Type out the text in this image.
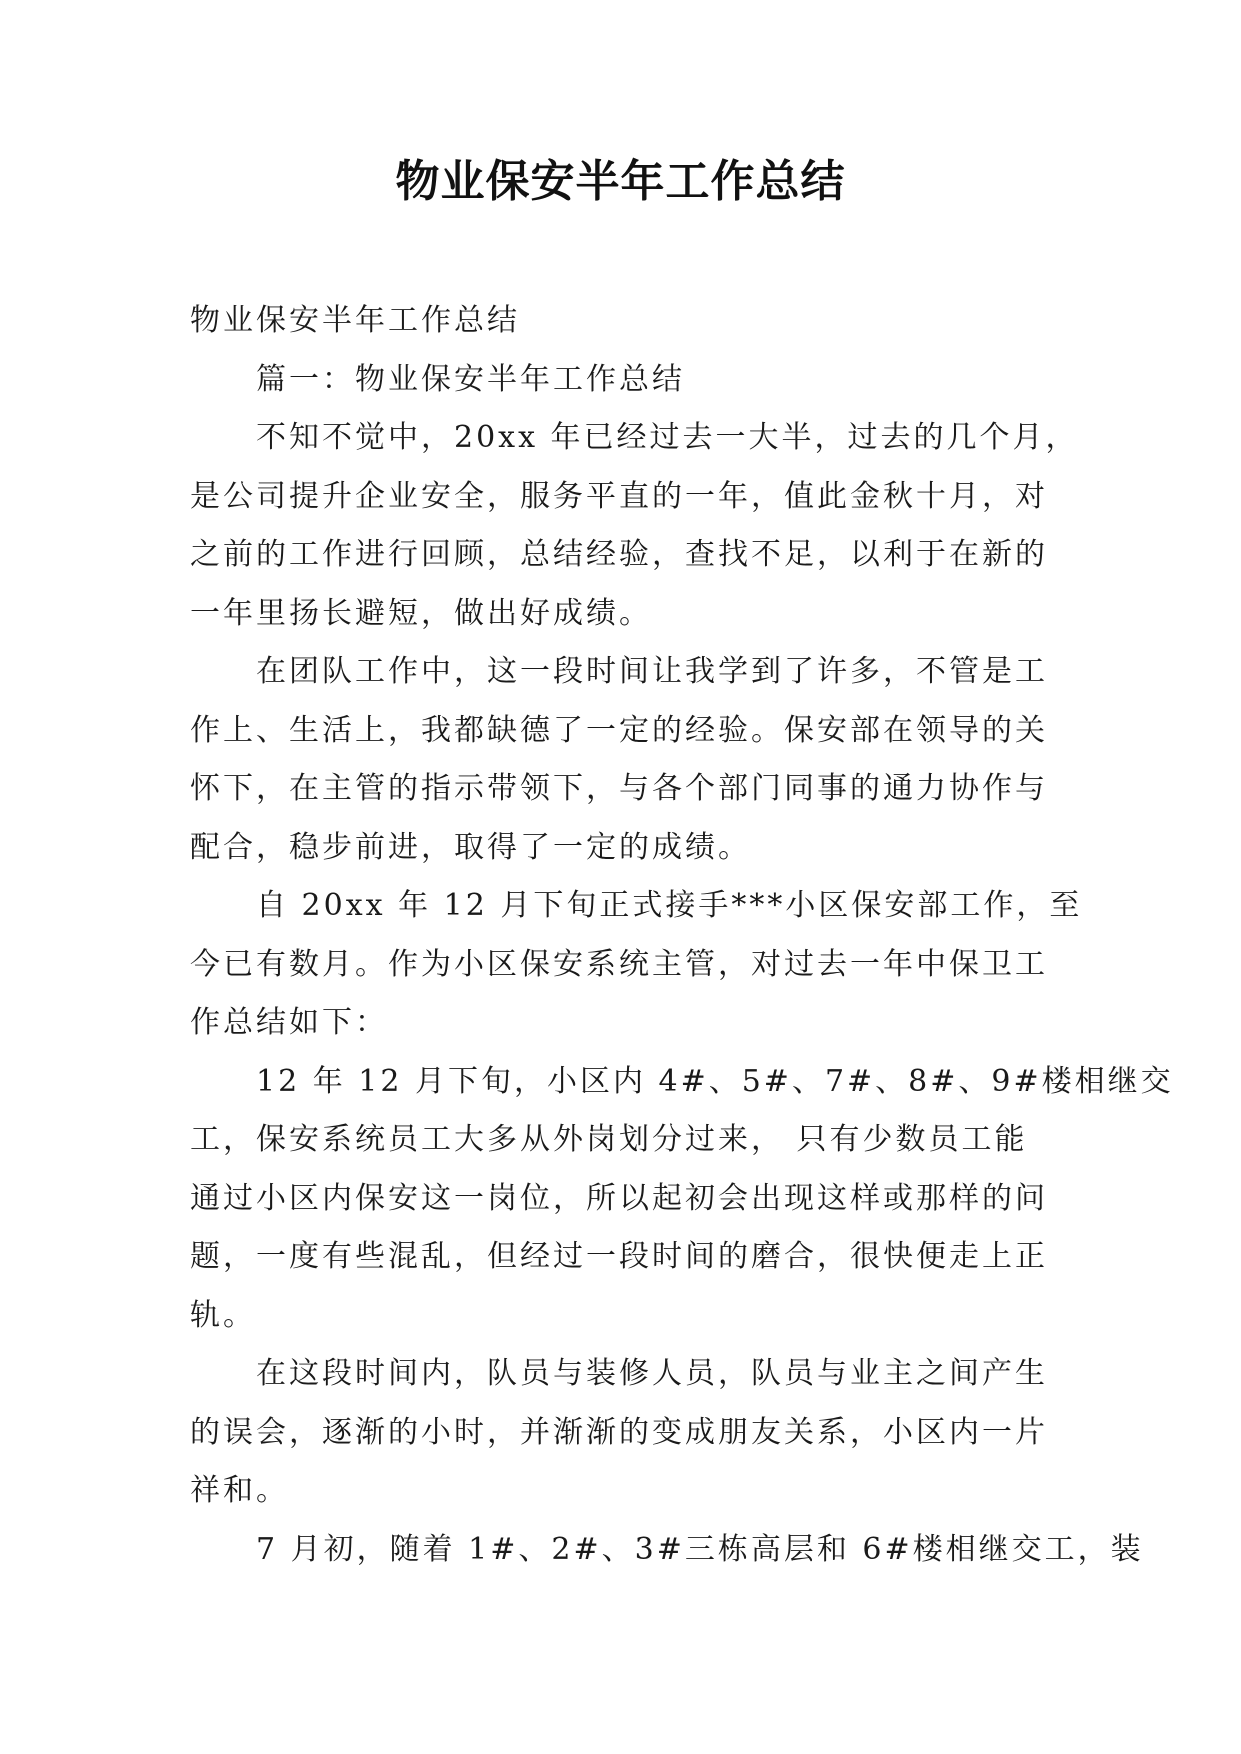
物业保安半年工作总结
物业保安半年工作总结
篇一：物业保安半年工作总结
不知不觉中，20xx 年已经过去一大半，过去的几个月，
是公司提升企业安全，服务平直的一年，值此金秋十月，对
之前的工作进行回顾，总结经验，查找不足，以利于在新的
一年里扬长避短，做出好成绩。
在团队工作中，这一段时间让我学到了许多，不管是工
作上、生活上，我都缺德了一定的经验。保安部在领导的关
怀下，在主管的指示带领下，与各个部门同事的通力协作与
配合，稳步前进，取得了一定的成绩。
自 20xx 年 12 月下旬正式接手***小区保安部工作，至
今已有数月。作为小区保安系统主管，对过去一年中保卫工
作总结如下：
12 年 12 月下旬，小区内 4#、5#、7#、8#、9#楼相继交
工，保安系统员工大多从外岗划分过来， 只有少数员工能
通过小区内保安这一岗位，所以起初会出现这样或那样的问
题，一度有些混乱，但经过一段时间的磨合，很快便走上正
轨。
在这段时间内，队员与装修人员，队员与业主之间产生
的误会，逐渐的小时，并渐渐的变成朋友关系，小区内一片
祥和。
7 月初，随着 1#、2#、3#三栋高层和 6#楼相继交工，装
